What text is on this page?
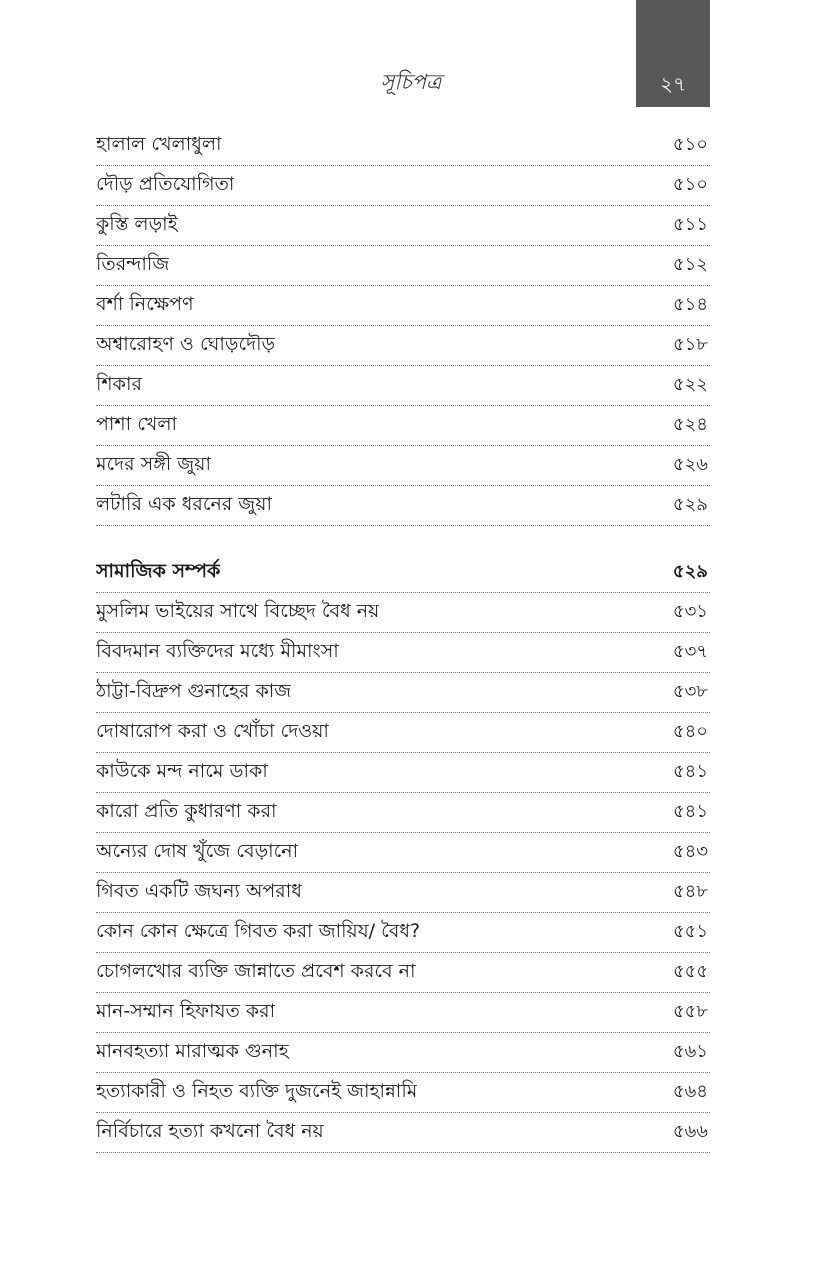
সূচিপত্র	২৭
হালাল খেলাধুলা	৫১০
দৌড় প্রতিযোগিতা	৫১০
কুস্তি লড়াই	৫১১
তিরন্দাজি	৫১২
বর্শা নিক্ষেপণ	৫১৪
অশ্বারোহণ ও ঘোড়দৌড়	৫১৮
শিকার	৫২২
পাশা খেলা	৫২৪
মদের সঙ্গী জুয়া	৫২৬
লটারি এক ধরনের জুয়া	৫২৯
সামাজিক সম্পর্ক	৫২৯
মুসলিম ভাইয়ের সাথে বিচ্ছেদ বৈধ নয়	৫৩১
বিবদমান ব্যক্তিদের মধ্যে মীমাংসা	৫৩৭
ঠাট্টা-বিদ্রুপ গুনাহের কাজ	৫৩৮
দোষারোপ করা ও খোঁচা দেওয়া	৫৪০
কাউকে মন্দ নামে ডাকা	৫৪১
কারো প্রতি কুধারণা করা	৫৪১
অন্যের দোষ খুঁজে বেড়ানো	৫৪৩
গিবত একটি জঘন্য অপরাধ	৫৪৮
কোন কোন ক্ষেত্রে গিবত করা জায়িয/ বৈধ?	৫৫১
চোগলখোর ব্যক্তি জান্নাতে প্রবেশ করবে না	৫৫৫
মান-সম্মান হিফাযত করা	৫৫৮
মানবহত্যা মারাত্মক গুনাহ	৫৬১
হত্যাকারী ও নিহত ব্যক্তি দুজনেই জাহান্নামি	৫৬৪
নির্বিচারে হত্যা কখনো বৈধ নয়	৫৬৬
